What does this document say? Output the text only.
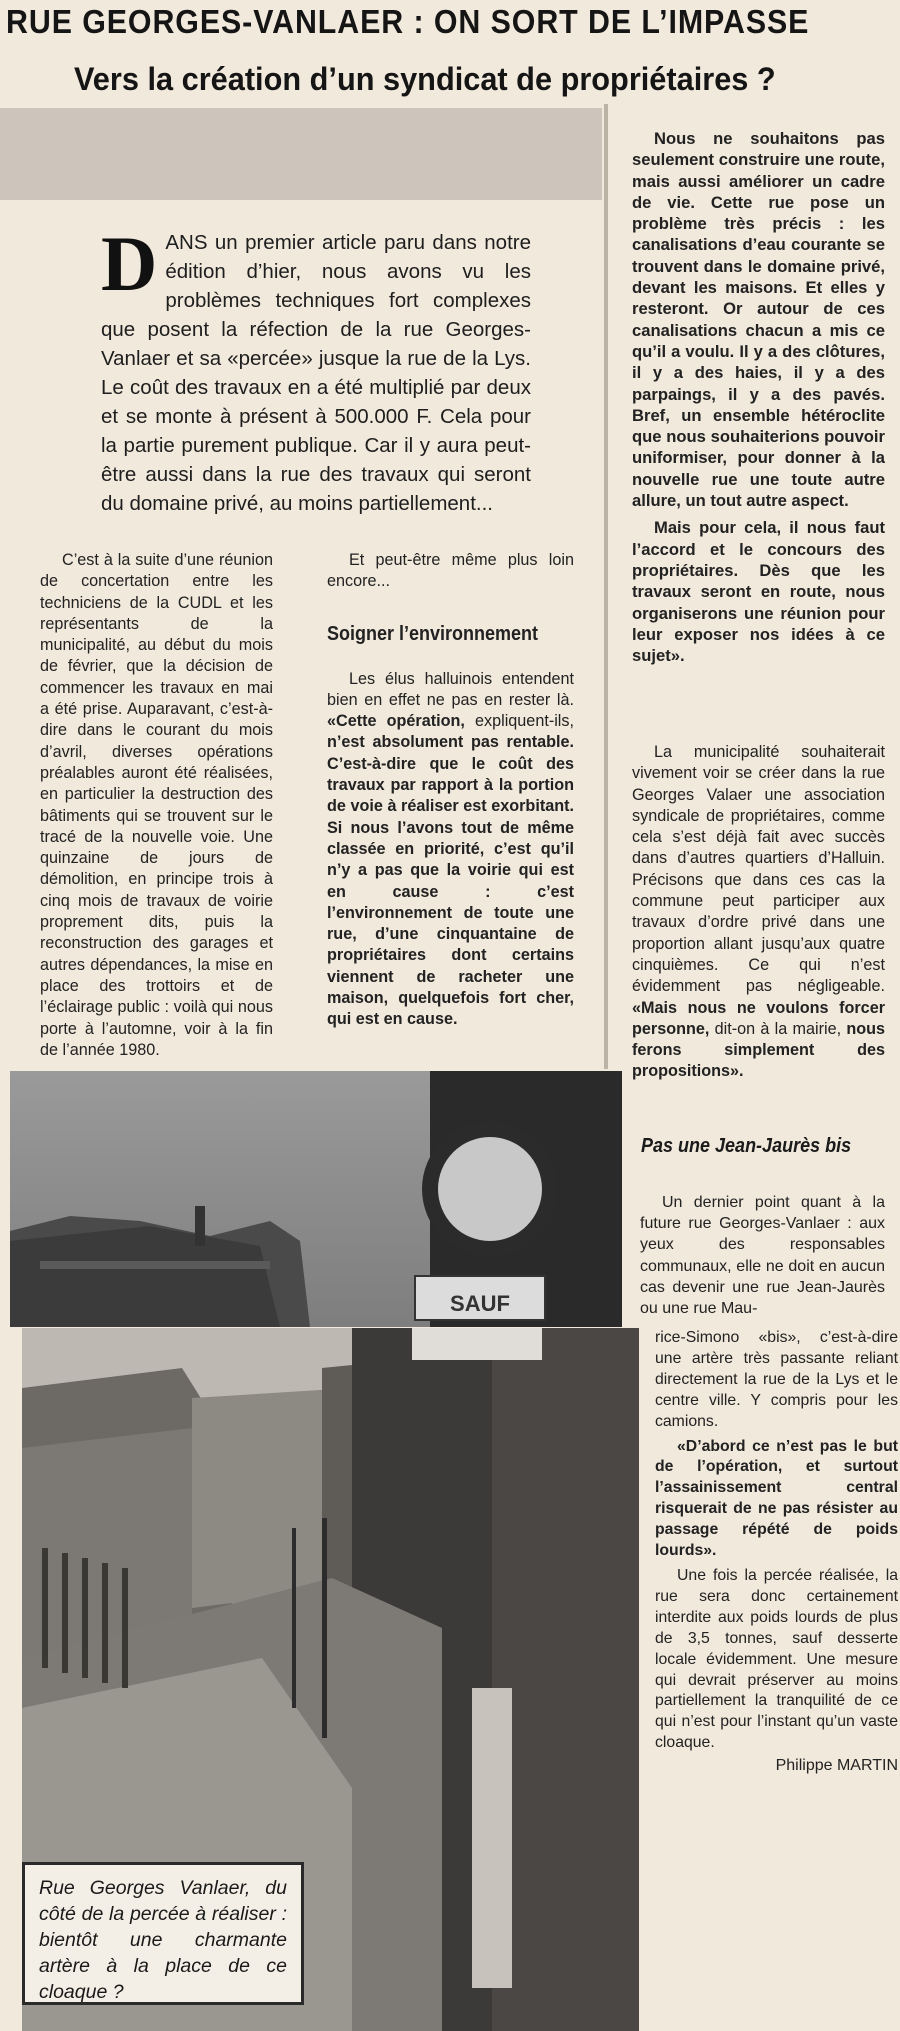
RUE GEORGES-VANLAER : ON SORT DE L’IMPASSE
Vers la création d’un syndicat de propriétaires ?
DANS un premier article paru dans notre édition d’hier, nous avons vu les problèmes techniques fort complexes que posent la réfection de la rue Georges-Vanlaer et sa «percée» jusque la rue de la Lys. Le coût des travaux en a été multiplié par deux et se monte à présent à 500.000 F. Cela pour la partie purement publique. Car il y aura peut-être aussi dans la rue des travaux qui seront du domaine privé, au moins partiellement...

C’est à la suite d’une réunion de concertation entre les techniciens de la CUDL et les représentants de la municipalité, au début du mois de février, que la décision de commencer les travaux en mai a été prise. Auparavant, c’est-à-dire dans le courant du mois d’avril, diverses opérations préalables auront été réalisées, en particulier la destruction des bâtiments qui se trouvent sur le tracé de la nouvelle voie. Une quinzaine de jours de démolition, en principe trois à cinq mois de travaux de voirie proprement dits, puis la reconstruction des garages et autres dépendances, la mise en place des trottoirs et de l’éclairage public : voilà qui nous porte à l’automne, voir à la fin de l’année 1980.

Et peut-être même plus loin encore...

Soigner l’environnement

Les élus halluinois entendent bien en effet ne pas en rester là. «Cette opération, expliquent-ils, n’est absolument pas rentable. C’est-à-dire que le coût des travaux par rapport à la portion de voie à réaliser est exorbitant. Si nous l’avons tout de même classée en priorité, c’est qu’il n’y a pas que la voirie qui est en cause : c’est l’environnement de toute une rue, d’une cinquantaine de propriétaires dont certains viennent de racheter une maison, quelquefois fort cher, qui est en cause.

Nous ne souhaitons pas seulement construire une route, mais aussi améliorer un cadre de vie. Cette rue pose un problème très précis : les canalisations d’eau courante se trouvent dans le domaine privé, devant les maisons. Et elles y resteront. Or autour de ces canalisations chacun a mis ce qu’il a voulu. Il y a des clôtures, il y a des haies, il y a des parpaings, il y a des pavés. Bref, un ensemble hétéroclite que nous souhaiterions pouvoir uniformiser, pour donner à la nouvelle rue une toute autre allure, un tout autre aspect.

Mais pour cela, il nous faut l’accord et le concours des propriétaires. Dès que les travaux seront en route, nous organiserons une réunion pour leur exposer nos idées à ce sujet».

La municipalité souhaiterait vivement voir se créer dans la rue Georges Valaer une association syndicale de propriétaires, comme cela s’est déjà fait avec succès dans d’autres quartiers d’Halluin. Précisons que dans ces cas la commune peut participer aux travaux d’ordre privé dans une proportion allant jusqu’aux quatre cinquièmes. Ce qui n’est évidemment pas négligeable. «Mais nous ne voulons forcer personne, dit-on à la mairie, nous ferons simplement des propositions».

Pas une Jean-Jaurès bis

Un dernier point quant à la future rue Georges-Vanlaer : aux yeux des responsables communaux, elle ne doit en aucun cas devenir une rue Jean-Jaurès ou une rue Mau-

rice-Simono «bis», c’est-à-dire une artère très passante reliant directement la rue de la Lys et le centre ville. Y compris pour les camions.

«D’abord ce n’est pas le but de l’opération, et surtout l’assainissement central risquerait de ne pas résister au passage répété de poids lourds».

Une fois la percée réalisée, la rue sera donc certainement interdite aux poids lourds de plus de 3,5 tonnes, sauf desserte locale évidemment. Une mesure qui devrait préserver au moins partiellement la tranquilité de ce qui n’est pour l’instant qu’un vaste cloaque.

Philippe MARTIN
SAUF
Rue Georges Vanlaer, du côté de la percée à réaliser : bientôt une charmante artère à la place de ce cloaque ?
